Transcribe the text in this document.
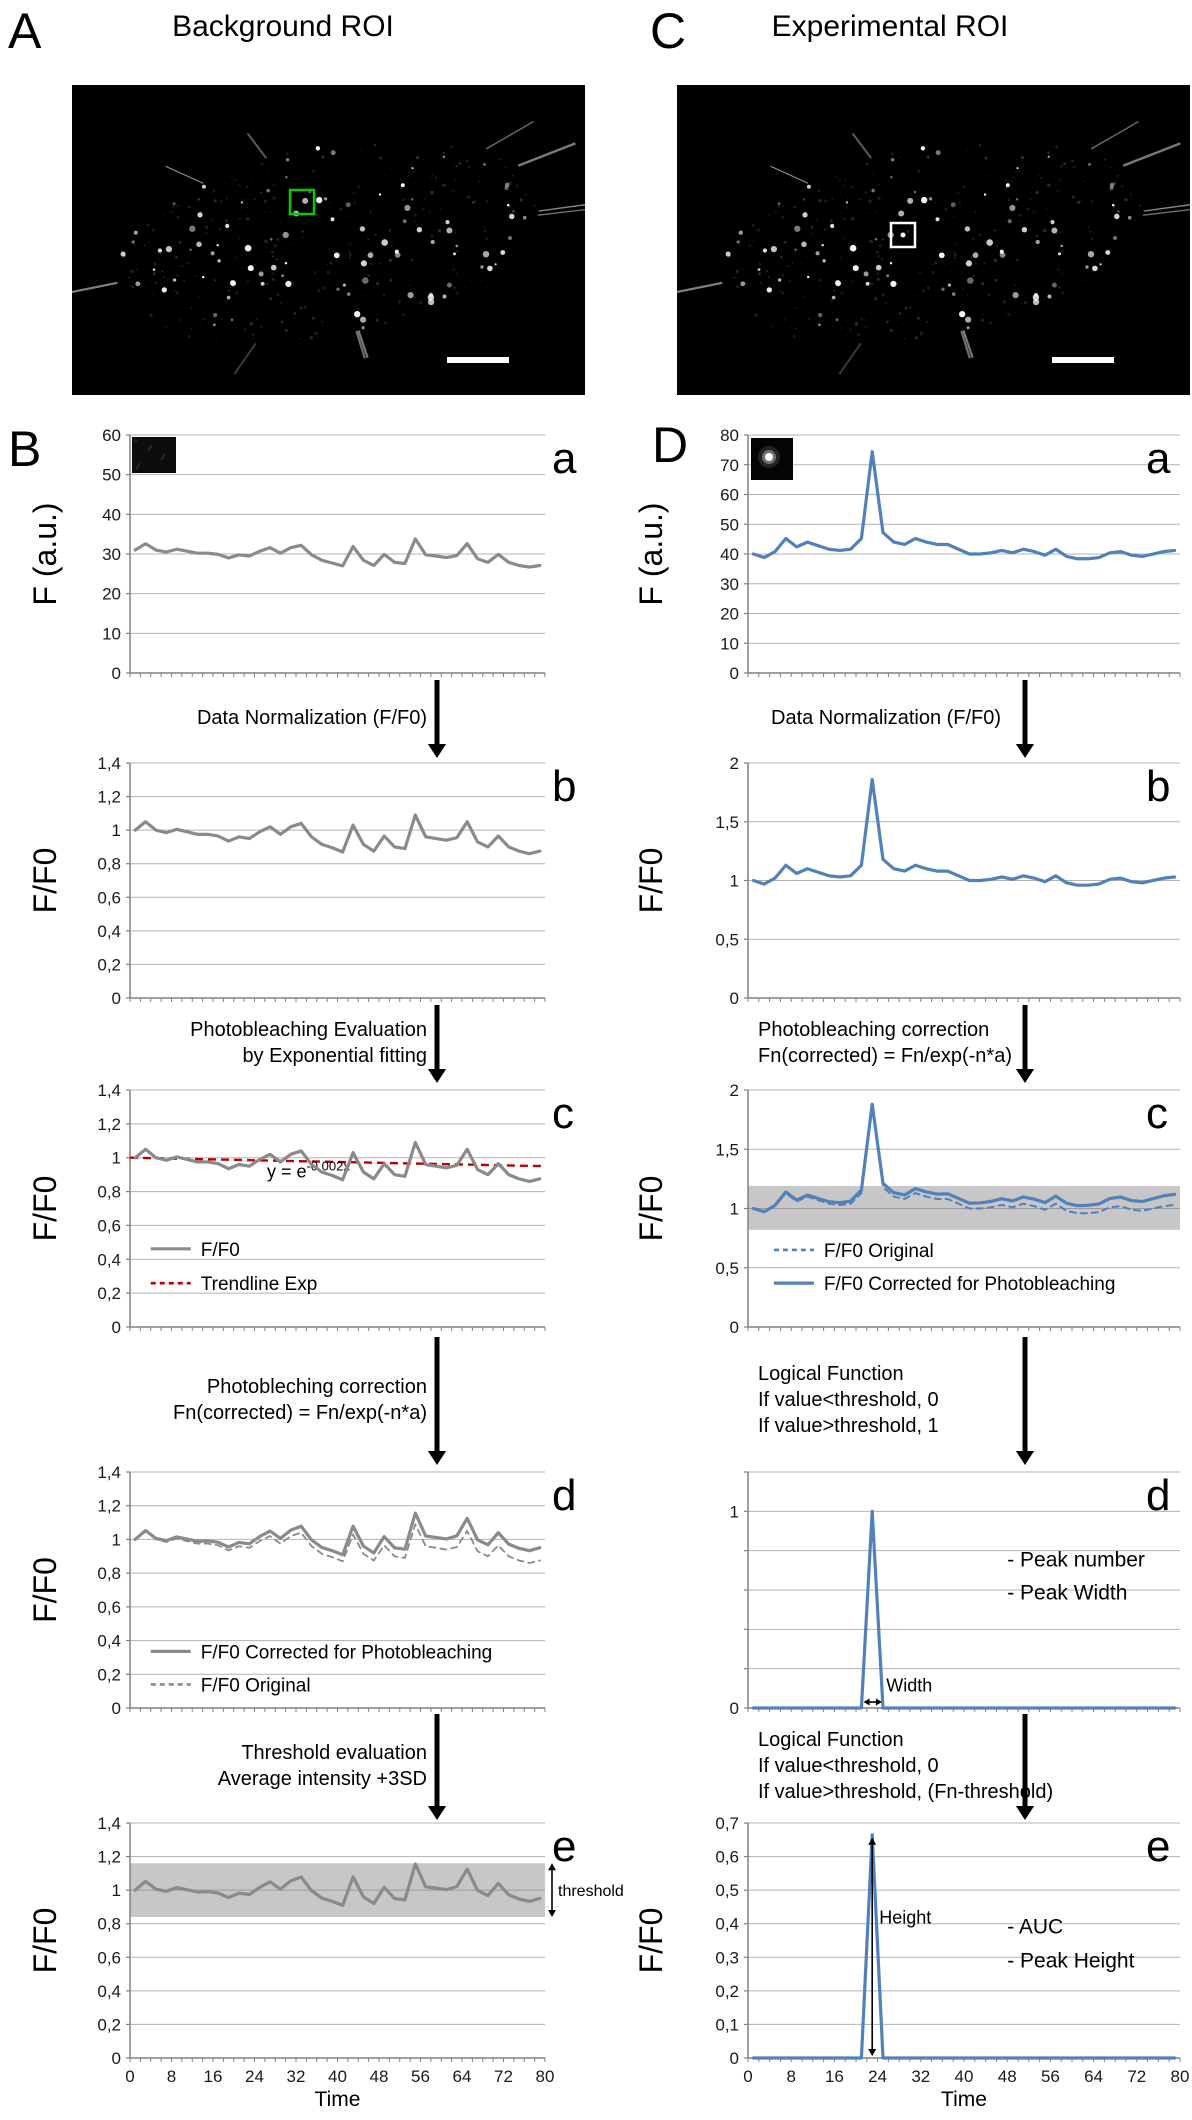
A	Background ROI	C	Experimental ROI
B	D
0
10
20
30
40
50
60
F (a.u.)
0
0,2
0,4
0,6
0,8
1
1,2
1,4
F/F0
0
0,2
0,4
0,6
0,8
1
1,2
1,4
F/F0
$y = e^{-0,002x}$
F/F0
Trendline Exp
0
0,2
0,4
0,6
0,8
1
1,2
1,4
F/F0
F/F0 Corrected for Photobleaching
F/F0 Original
0
0,2
0,4
0,6
0,8
1
1,2
1,4
F/F0
0 8 16 24 32 40 48 56 64 72 80
Time
threshold
0
10
20
30
40
50
60
70
80
F (a.u.)
0
0,5
1
1,5
2
F/F0
0
0,5
1
1,5
2
F/F0
F/F0 Original
F/F0 Corrected for Photobleaching
0
1
- Peak number
- Peak Width
Width
0
0,1
0,2
0,3
0,4
0,5
0,6
0,7
F/F0
0 8 16 24 32 40 48 56 64 72 80
Time
- AUC
- Peak Height
Height
Data Normalization (F/F0)
Photobleaching Evaluation
by Exponential fitting
Photobleching correction
Fn(corrected) = Fn/exp(-n*a)
Threshold evaluation
Average intensity +3SD
Data Normalization (F/F0)
Photobleaching correction
Fn(corrected) = Fn/exp(-n*a)
Logical Function
If value<threshold, 0
If value>threshold, 1
Logical Function
If value<threshold, 0
If value>threshold, (Fn-threshold)
a
b
c
d
e
a
b
c
d
e
